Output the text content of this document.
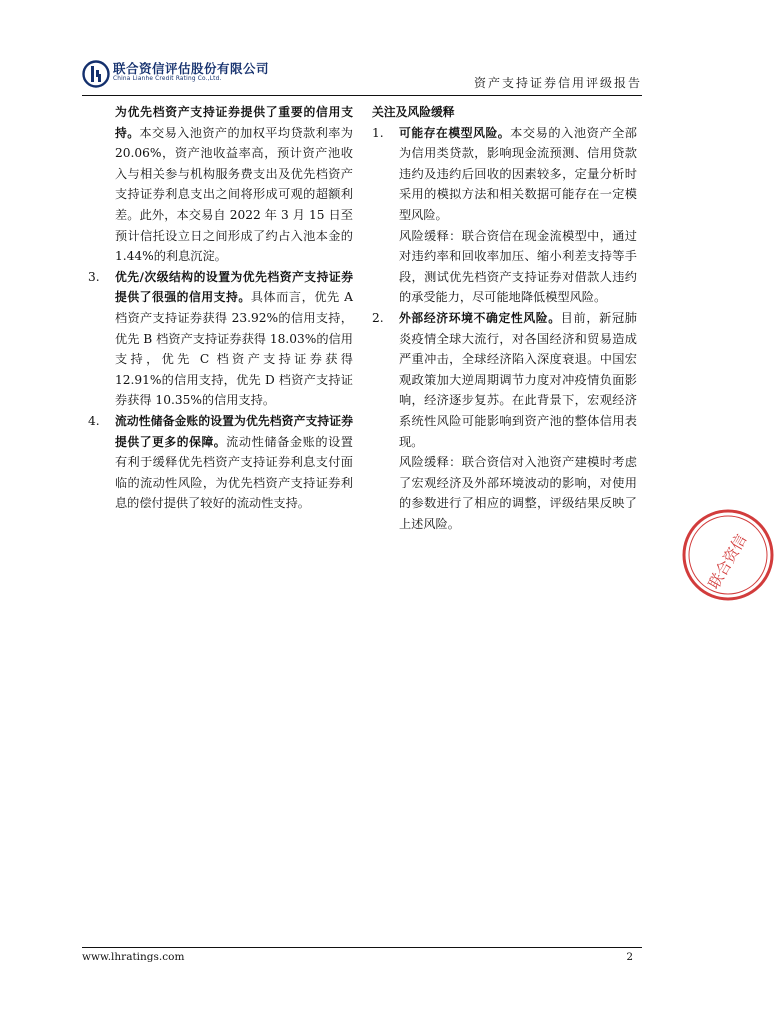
联合资信评估股份有限公司
China Lianhe Credit Rating Co.,Ltd.	资产支持证券信用评级报告

为优先档资产支持证券提供了重要的信用支持。本交易入池资产的加权平均贷款利率为 20.06%，资产池收益率高，预计资产池收入与相关参与机构服务费支出及优先档资产支持证券利息支出之间将形成可观的超额利差。此外，本交易自 2022 年 3 月 15 日至预计信托设立日之间形成了约占入池本金的 1.44%的利息沉淀。

3. 优先/次级结构的设置为优先档资产支持证券提供了很强的信用支持。具体而言，优先 A 档资产支持证券获得 23.92%的信用支持，优先 B 档资产支持证券获得 18.03%的信用支持，优先 C 档资产支持证券获得 12.91%的信用支持，优先 D 档资产支持证券获得 10.35%的信用支持。

4. 流动性储备金账的设置为优先档资产支持证券提供了更多的保障。流动性储备金账的设置有利于缓释优先档资产支持证券利息支付面临的流动性风险，为优先档资产支持证券利息的偿付提供了较好的流动性支持。

关注及风险缓释
1. 可能存在模型风险。本交易的入池资产全部为信用类贷款，影响现金流预测、信用贷款违约及违约后回收的因素较多，定量分析时采用的模拟方法和相关数据可能存在一定模型风险。

风险缓释：联合资信在现金流模型中，通过对违约率和回收率加压、缩小利差支持等手段，测试优先档资产支持证券对借款人违约的承受能力，尽可能地降低模型风险。

2. 外部经济环境不确定性风险。目前，新冠肺炎疫情全球大流行，对各国经济和贸易造成严重冲击，全球经济陷入深度衰退。中国宏观政策加大逆周期调节力度对冲疫情负面影响，经济逐步复苏。在此背景下，宏观经济系统性风险可能影响到资产池的整体信用表现。

风险缓释：联合资信对入池资产建模时考虑了宏观经济及外部环境波动的影响，对使用的参数进行了相应的调整，评级结果反映了上述风险。

联合资信
www.lhratings.com	2
